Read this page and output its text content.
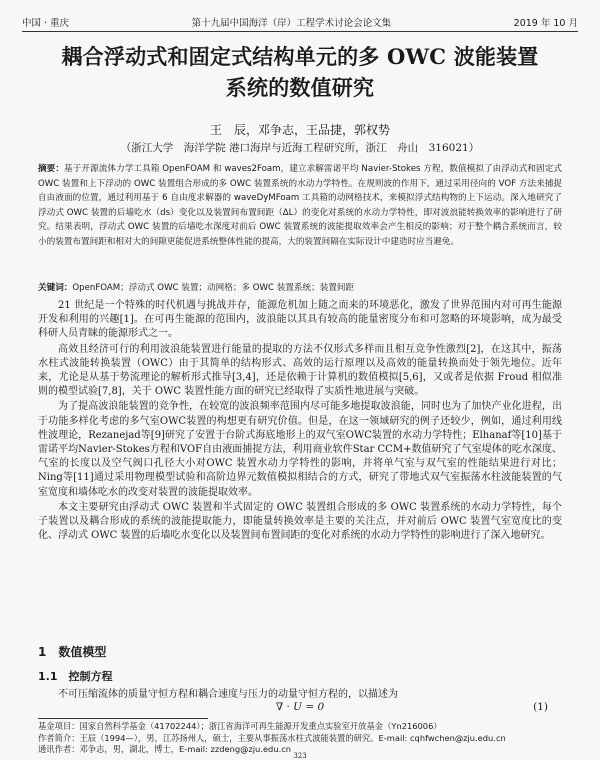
中国 · 重庆	第十九届中国海洋（岸）工程学术讨论会论文集	2019 年 10 月
耦合浮动式和固定式结构单元的多 OWC 波能装置
系统的数值研究
王　辰，邓争志，王品捷，郭权势
（浙江大学　海洋学院 港口海岸与近海工程研究所，浙江　舟山　316021）
摘要：基于开源流体力学工具箱 OpenFOAM 和 waves2Foam，建立求解雷诺平均 Navier-Stokes 方程，数值模拟了由浮动式和固定式 OWC 装置和上下浮动的 OWC 装置组合形成的多 OWC 装置系统的水动力学特性。在规则波的作用下，通过采用径向的 VOF 方法来捕捉自由液面的位置，通过利用基于 6 自由度求解器的 waveDyMFoam 工具箱的动网格技术，来模拟浮式结构物的上下运动。深入地研究了浮动式 OWC 装置的后墙吃水（ds）变化以及装置间布置间距（ΔL）的变化对系统的水动力学特性，即对波浪能转换效率的影响进行了研究。结果表明，浮动式 OWC 装置的后墙吃水深度对前后 OWC 装置系统的波能提取效率会产生相反的影响；对于整个耦合系统而言，较小的装置布置间距和相对大的间隙更能促进系统整体性能的提高，大的装置间隔在实际设计中建造时应当避免。
关键词：OpenFOAM；浮动式 OWC 装置；动网格；多 OWC 装置系统；装置间距

21 世纪是一个特殊的时代机遇与挑战并存，能源危机加上随之而来的环境恶化，激发了世界范围内对可再生能源开发和利用的兴趣[1]。在可再生能源的范围内，波浪能以其具有较高的能量密度分布和可忽略的环境影响，成为最受科研人员青睐的能源形式之一。

高效且经济可行的利用波浪能装置进行能量的提取的方法不仅形式多样而且相互竞争性激烈[2]，在这其中，振荡水柱式波能转换装置（OWC）由于其简单的结构形式、高效的运行原理以及高效的能量转换而处于领先地位。近年来，尤论是从基于势流理论的解析形式推导[3,4]，还是依赖于计算机的数值模拟[5,6]，又或者是依据 Froud 相似准则的模型试验[7,8]，关于 OWC 装置性能方面的研究已经取得了实质性地进展与突破。

为了提高波浪能装置的竞争性，在较宽的波浪频率范围内尽可能多地提取波浪能，同时也为了加快产业化进程，出于功能多样化考虑的多气室OWC装置的构想更有研究价值。但是，在这一领域研究的例子还较少，例如，通过利用线性波理论，Rezanejad等[9]研究了安置于台阶式海底地形上的双气室OWC装置的水动力学特性；Elhanaf等[10]基于雷诺平均Navier-Stokes方程和VOF自由液面捕捉方法，利用商业软件Star CCM+数值研究了气室堤体的吃水深度、气室的长度以及空气阀口孔径大小对OWC 装置水动力学特性的影响，并将单气室与双气室的性能结果进行对比；Ning等[11]通过采用物理模型试验和高阶边界元数值模拟相结合的方式，研究了带地式双气室振荡水柱波能装置的气室宽度和墙体吃水的改变对装置的波能提取效率。

本文主要研究由浮动式 OWC 装置和半式固定的 OWC 装置组合形成的多 OWC 装置系统的水动力学特性，每个子装置以及耦合形成的系统的波能提取能力，即能量转换效率是主要的关注点，并对前后 OWC 装置气室宽度比的变化、浮动式 OWC 装置的后墙吃水变化以及装置间布置间距的变化对系统的水动力学特性的影响进行了深入地研究。

1　数值模型
1.1　控制方程
不可压缩流体的质量守恒方程和耦合速度与压力的动量守恒方程的，以描述为
∇ · U = 0	(1)
基金项目：国家自然科学基金（41702244）；浙江省海洋可再生能源开发重点实验室开放基金（Yn216006）
作者简介：王辰（1994—），男，江苏扬州人，硕士，主要从事振荡水柱式波能装置的研究。E-mail: cqhfwchen@zju.edu.cn
通讯作者：邓争志，男，湖北，博士，E-mail: zzdeng@zju.edu.cn
323
